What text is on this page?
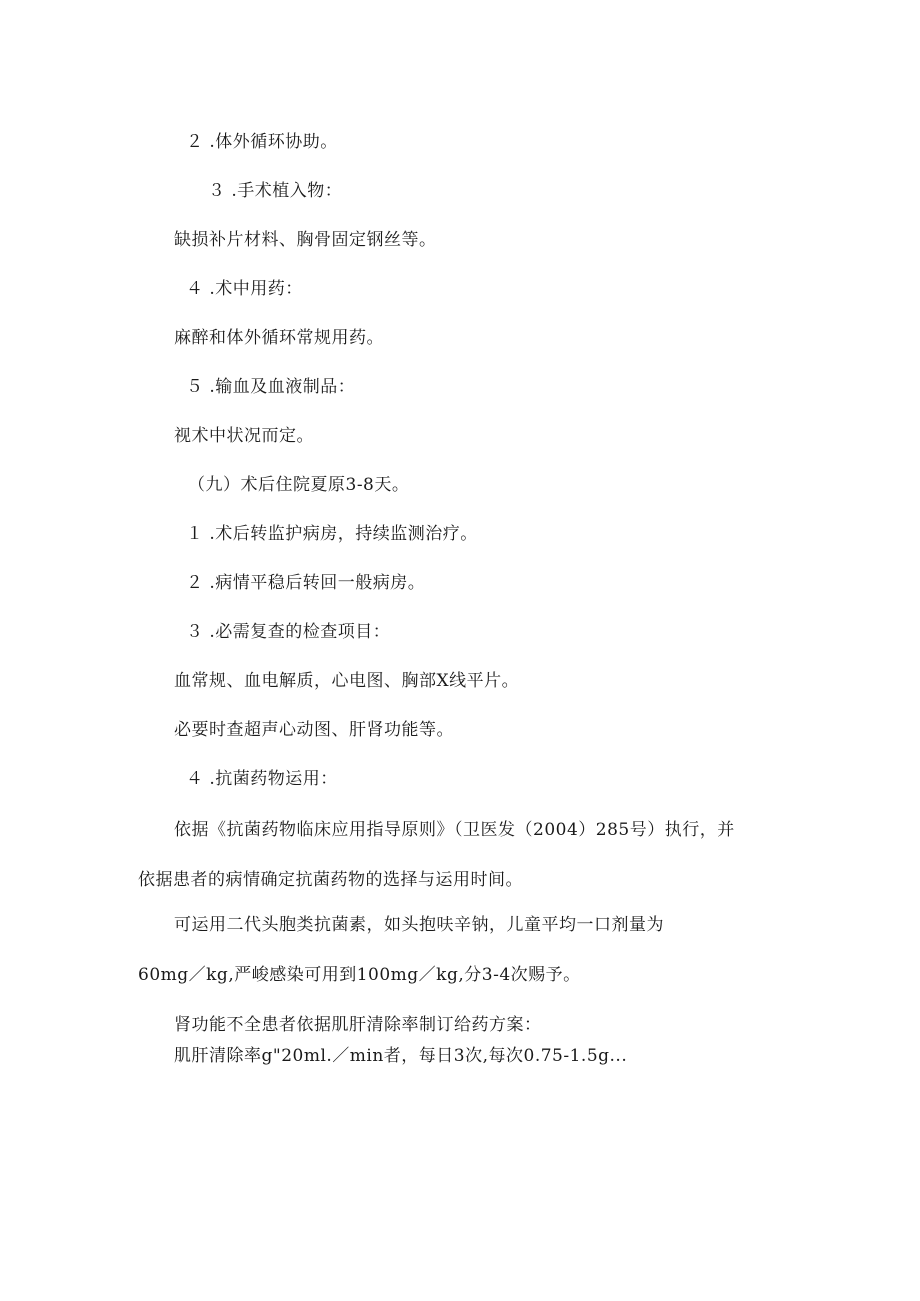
２ .体外循环协助。
３ .手术植入物：
缺损补片材料、胸骨固定钢丝等。
４ .术中用药：
麻醉和体外循环常规用药。
５ .输血及血液制品：
视术中状况而定。
（九）术后住院夏原3-8天。
１ .术后转监护病房，持续监测治疗。
２ .病情平稳后转回一般病房。
３ .必需复查的检查项目：
血常规、血电解质，心电图、胸部X线平片。
必要时查超声心动图、肝肾功能等。
４ .抗菌药物运用：
依据《抗菌药物临床应用指导原则》（卫医发（2004）285号）执行，并
依据患者的病情确定抗菌药物的选择与运用时间。
可运用二代头胞类抗菌素，如头抱呋辛钠，儿童平均一口剂量为
60mg／kg,严峻感染可用到100mg／kg,分3-4次赐予。
肾功能不全患者依据肌肝清除率制订给药方案：
肌肝清除率g"20ml.／min者，每日3次,每次0.75-1.5g...
